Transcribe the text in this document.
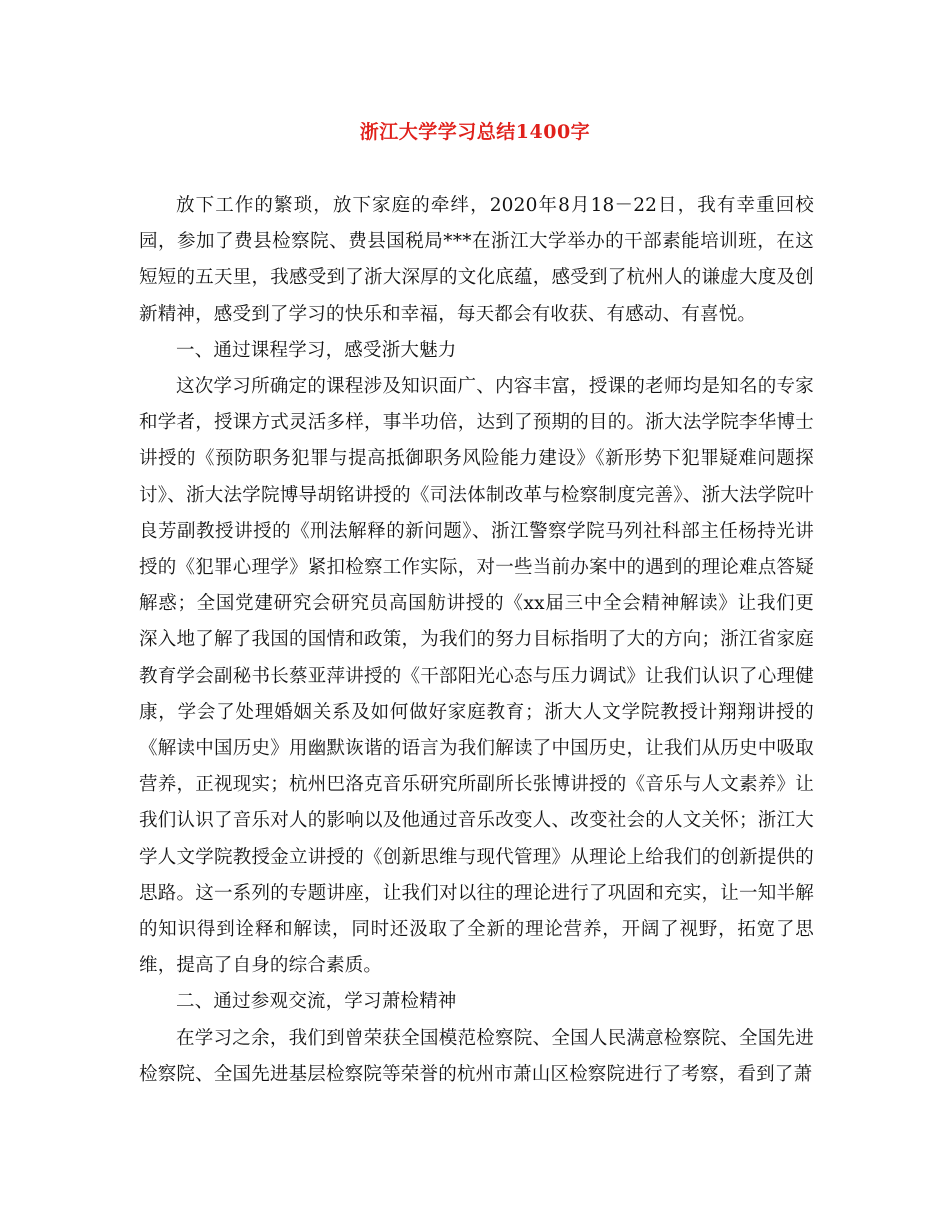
浙江大学学习总结1400字

放下工作的繁琐，放下家庭的牵绊，2020年8月18－22日，我有幸重回校园，参加了费县检察院、费县国税局***在浙江大学举办的干部素能培训班，在这短短的五天里，我感受到了浙大深厚的文化底蕴，感受到了杭州人的谦虚大度及创新精神，感受到了学习的快乐和幸福，每天都会有收获、有感动、有喜悦。

一、通过课程学习，感受浙大魅力

这次学习所确定的课程涉及知识面广、内容丰富，授课的老师均是知名的专家和学者，授课方式灵活多样，事半功倍，达到了预期的目的。浙大法学院李华博士讲授的《预防职务犯罪与提高抵御职务风险能力建设》《新形势下犯罪疑难问题探讨》、浙大法学院博导胡铭讲授的《司法体制改革与检察制度完善》、浙大法学院叶良芳副教授讲授的《刑法解释的新问题》、浙江警察学院马列社科部主任杨持光讲授的《犯罪心理学》紧扣检察工作实际，对一些当前办案中的遇到的理论难点答疑解惑；全国党建研究会研究员高国舫讲授的《xx届三中全会精神解读》让我们更深入地了解了我国的国情和政策，为我们的努力目标指明了大的方向；浙江省家庭教育学会副秘书长蔡亚萍讲授的《干部阳光心态与压力调试》让我们认识了心理健康，学会了处理婚姻关系及如何做好家庭教育；浙大人文学院教授计翔翔讲授的《解读中国历史》用幽默诙谐的语言为我们解读了中国历史，让我们从历史中吸取营养，正视现实；杭州巴洛克音乐研究所副所长张博讲授的《音乐与人文素养》让我们认识了音乐对人的影响以及他通过音乐改变人、改变社会的人文关怀；浙江大学人文学院教授金立讲授的《创新思维与现代管理》从理论上给我们的创新提供的思路。这一系列的专题讲座，让我们对以往的理论进行了巩固和充实，让一知半解的知识得到诠释和解读，同时还汲取了全新的理论营养，开阔了视野，拓宽了思维，提高了自身的综合素质。

二、通过参观交流，学习萧检精神

在学习之余，我们到曾荣获全国模范检察院、全国人民满意检察院、全国先进检察院、全国先进基层检察院等荣誉的杭州市萧山区检察院进行了考察，看到了萧
